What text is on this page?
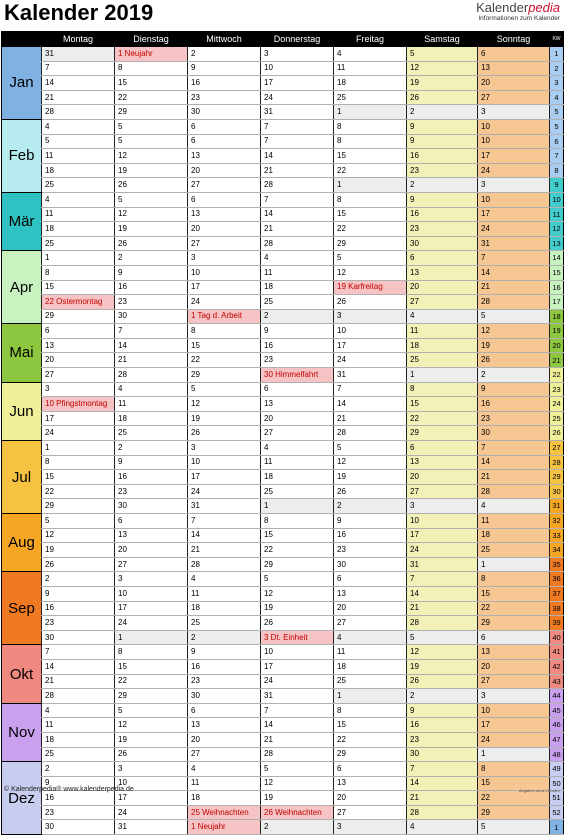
Kalender 2019	Kalenderpedia
Informationen zum Kalender
	Montag	Dienstag	Mittwoch	Donnerstag	Freitag	Samstag	Sonntag	KW
Jan	31	1 Neujahr	2	3	4	5	6	1
	7	8	9	10	11	12	13	2
	14	15	16	17	18	19	20	3
	21	22	23	24	25	26	27	4
	28	29	30	31	1	2	3	5
Feb	4	5	6	7	8	9	10	5
	5	5	6	7	8	9	10	6
	11	12	13	14	15	16	17	7
	18	19	20	21	22	23	24	8
	25	26	27	28	1	2	3	9
Mär	4	5	6	7	8	9	10	10
	11	12	13	14	15	16	17	11
	18	19	20	21	22	23	24	12
	25	26	27	28	29	30	31	13
Apr	1	2	3	4	5	6	7	14
	8	9	10	11	12	13	14	15
	15	16	17	18	19 Karfreitag	20	21	16
	22 Ostermontag	23	24	25	26	27	28	17
	29	30	1 Tag d. Arbeit	2	3	4	5	18
Mai	6	7	8	9	10	11	12	19
	13	14	15	16	17	18	19	20
	20	21	22	23	24	25	26	21
	27	28	29	30 Himmelfahrt	31	1	2	22
Jun	3	4	5	6	7	8	9	23
	10 Pfingstmontag	11	12	13	14	15	16	24
	17	18	19	20	21	22	23	25
	24	25	26	27	28	29	30	26
Jul	1	2	3	4	5	6	7	27
	8	9	10	11	12	13	14	28
	15	16	17	18	19	20	21	29
	22	23	24	25	26	27	28	30
	29	30	31	1	2	3	4	31
Aug	5	6	7	8	9	10	11	32
	12	13	14	15	16	17	18	33
	19	20	21	22	23	24	25	34
	26	27	28	29	30	31	1	35
Sep	2	3	4	5	6	7	8	36
	9	10	11	12	13	14	15	37
	16	17	18	19	20	21	22	38
	23	24	25	26	27	28	29	39
	30	1	2	3 Dt. Einheit	4	5	6	40
Okt	7	8	9	10	11	12	13	41
	14	15	16	17	18	19	20	42
	21	22	23	24	25	26	27	43
	28	29	30	31	1	2	3	44
Nov	4	5	6	7	8	9	10	45
	11	12	13	14	15	16	17	46
	18	19	20	21	22	23	24	47
	25	26	27	28	29	30	1	48
Dez	2	3	4	5	6	7	8	49
	9	10	11	12	13	14	15	50
	16	17	18	19	20	21	22	51
	23	24	25 Weihnachten	26 Weihnachten	27	28	29	52
	30	31	1 Neujahr	2	3	4	5	1
© Kalenderpedia® www.kalenderpedia.de	Angaben ohne Gewähr
